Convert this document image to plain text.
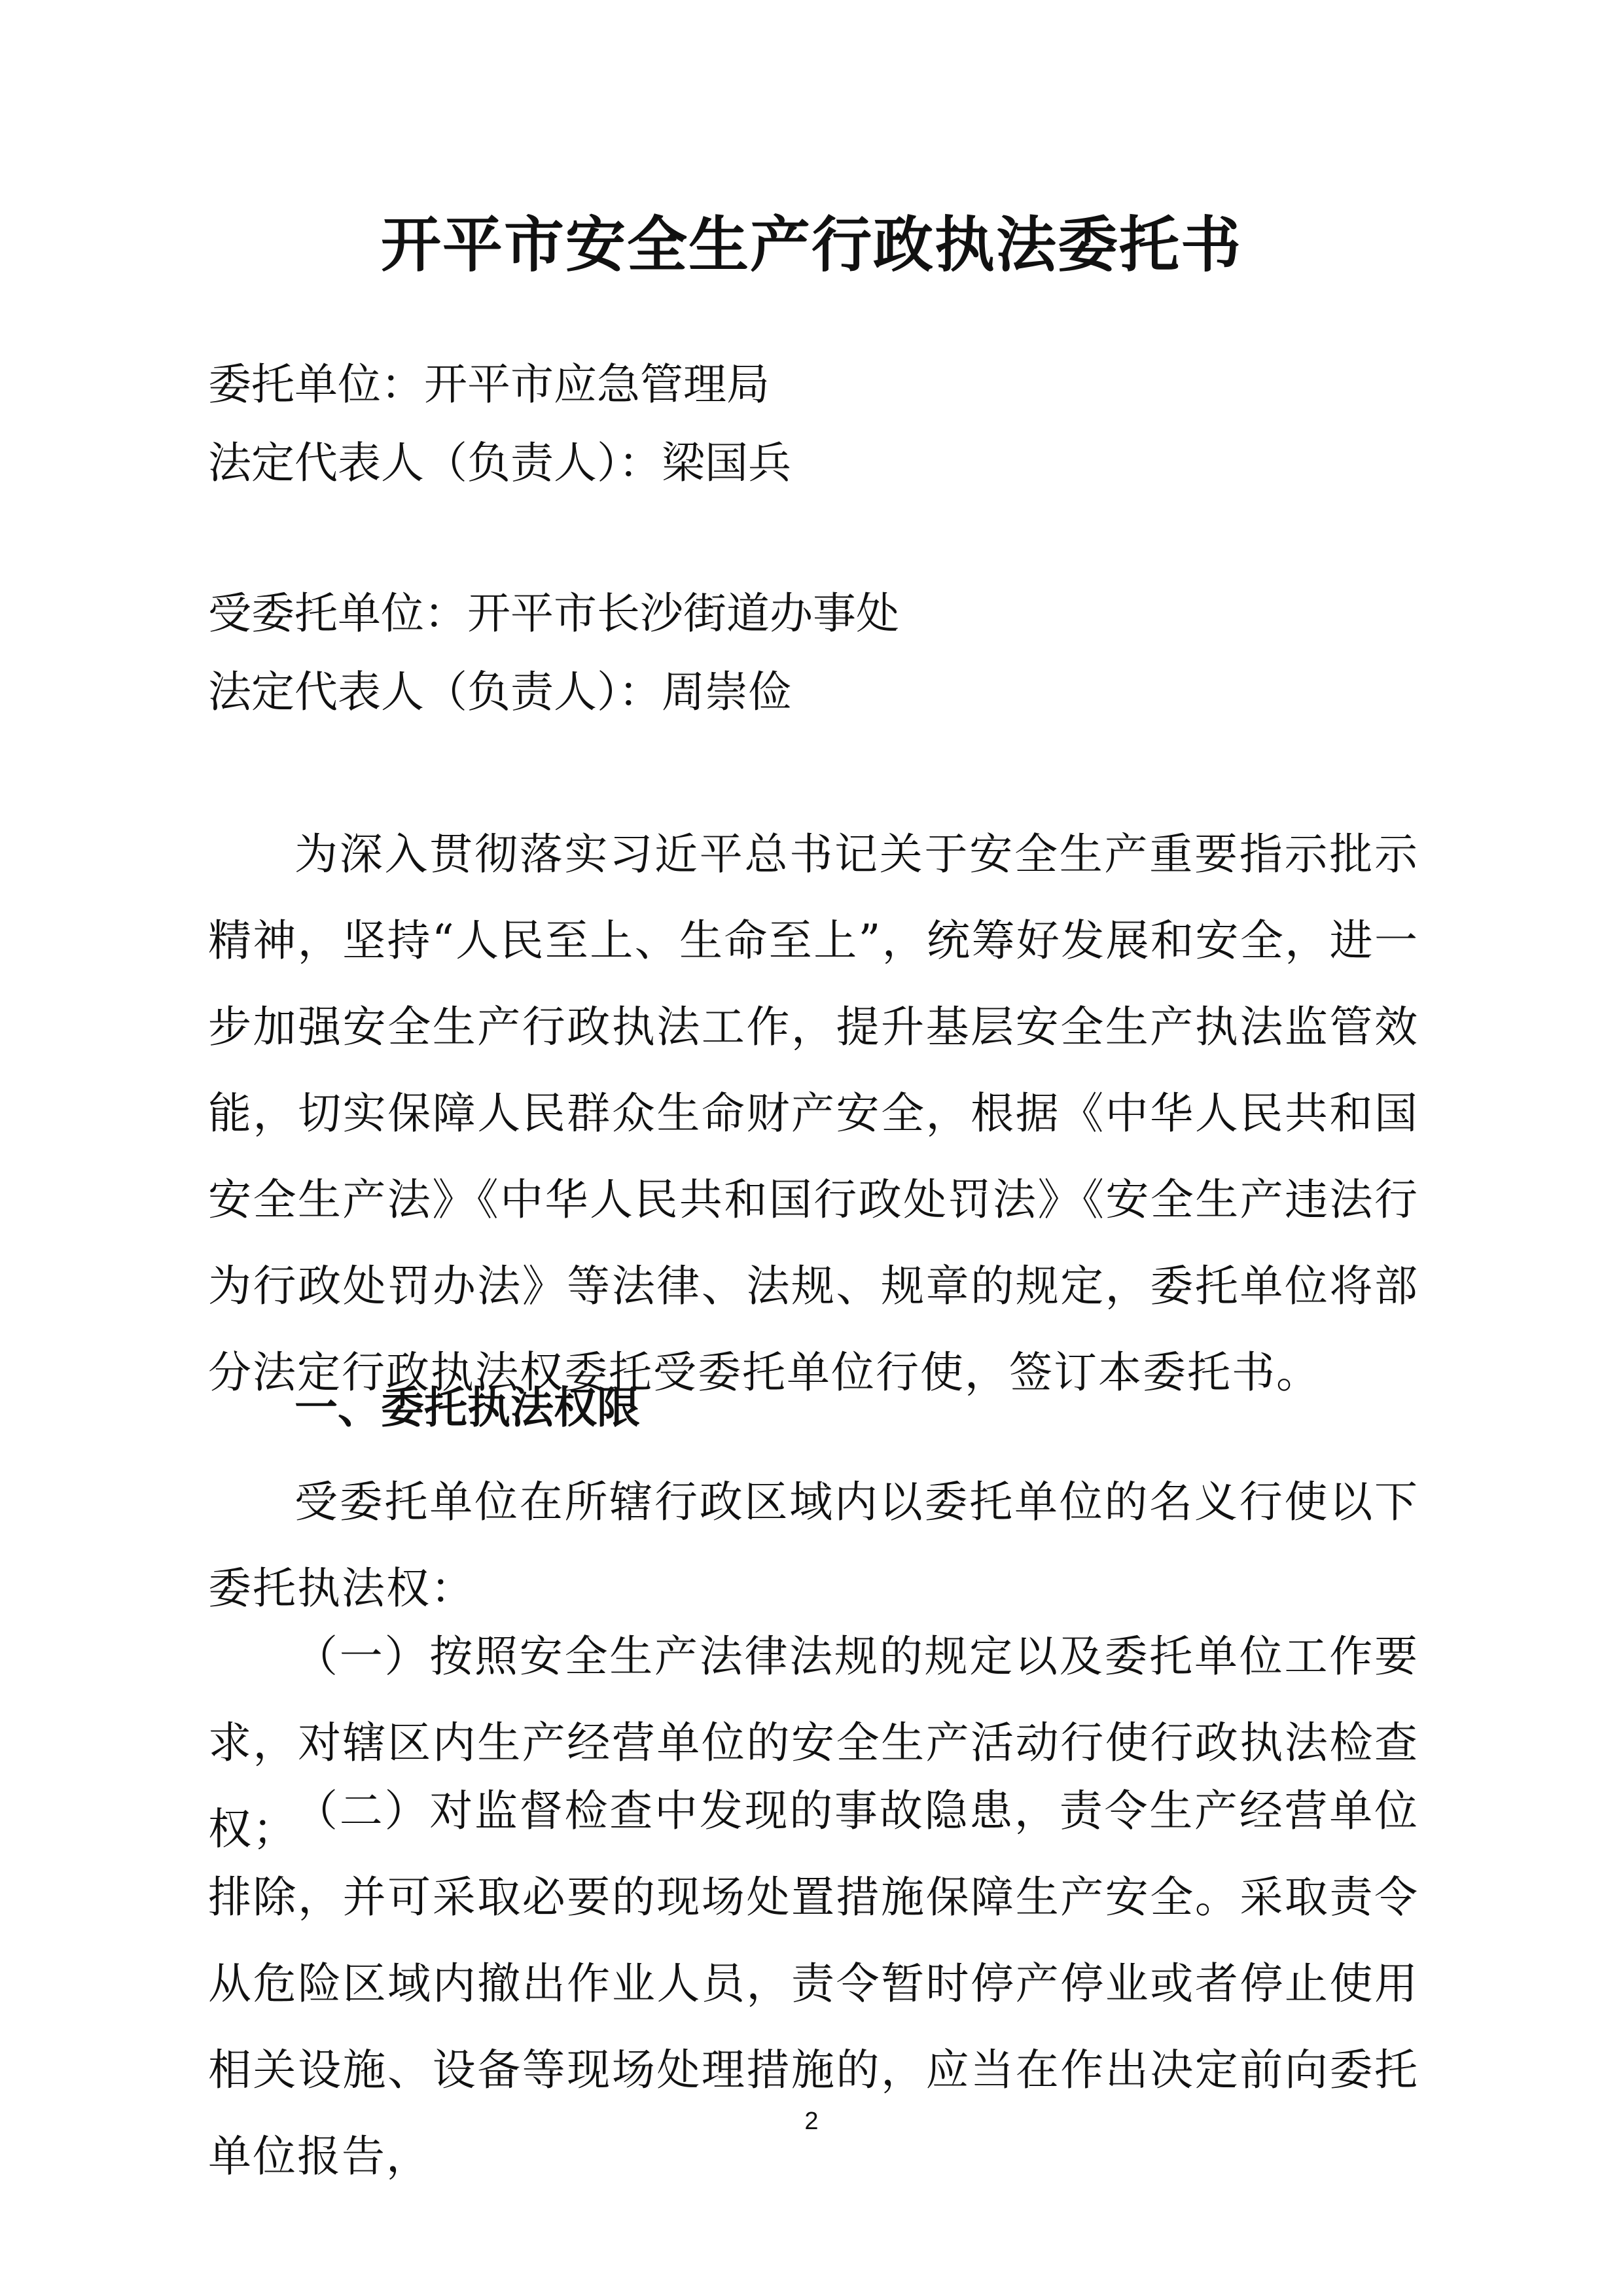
开平市安全生产行政执法委托书
委托单位：开平市应急管理局
法定代表人（负责人）：梁国兵
受委托单位：开平市长沙街道办事处
法定代表人（负责人）：周崇俭
为深入贯彻落实习近平总书记关于安全生产重要指示批示精神，坚持“人民至上、生命至上”，统筹好发展和安全，进一步加强安全生产行政执法工作，提升基层安全生产执法监管效能，切实保障人民群众生命财产安全，根据《中华人民共和国安全生产法》《中华人民共和国行政处罚法》《安全生产违法行为行政处罚办法》等法律、法规、规章的规定，委托单位将部分法定行政执法权委托受委托单位行使，签订本委托书。
一、委托执法权限
受委托单位在所辖行政区域内以委托单位的名义行使以下委托执法权：
（一）按照安全生产法律法规的规定以及委托单位工作要求，对辖区内生产经营单位的安全生产活动行使行政执法检查权；
（二）对监督检查中发现的事故隐患，责令生产经营单位排除，并可采取必要的现场处置措施保障生产安全。采取责令从危险区域内撤出作业人员，责令暂时停产停业或者停止使用相关设施、设备等现场处理措施的，应当在作出决定前向委托单位报告，
2
